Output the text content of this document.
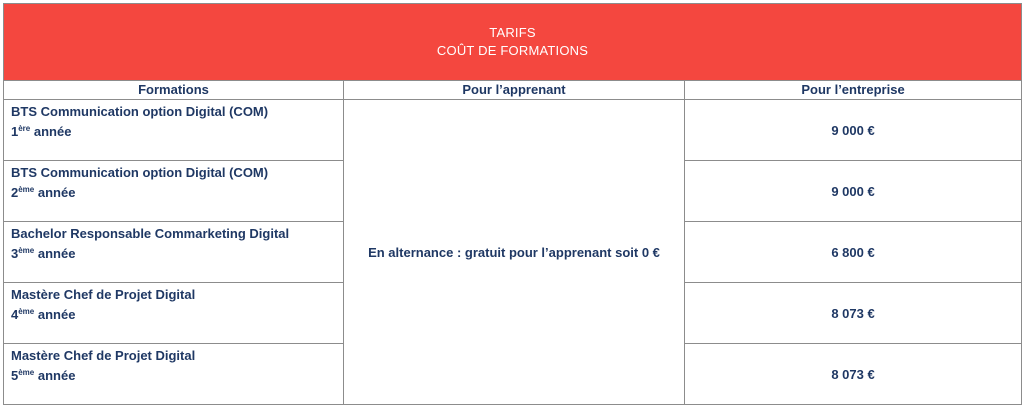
TARIFS
COÛT DE FORMATIONS		

Formations	Pour l’apprenant	Pour l’entreprise

BTS Communication option Digital (COM)
1ère année	En alternance : gratuit pour l’apprenant soit 0 €	9 000 €

BTS Communication option Digital (COM)
2ème année		9 000 €

Bachelor Responsable Commarketing Digital
3ème année		6 800 €

Mastère Chef de Projet Digital
4ème année		8 073 €

Mastère Chef de Projet Digital
5ème année		8 073 €
